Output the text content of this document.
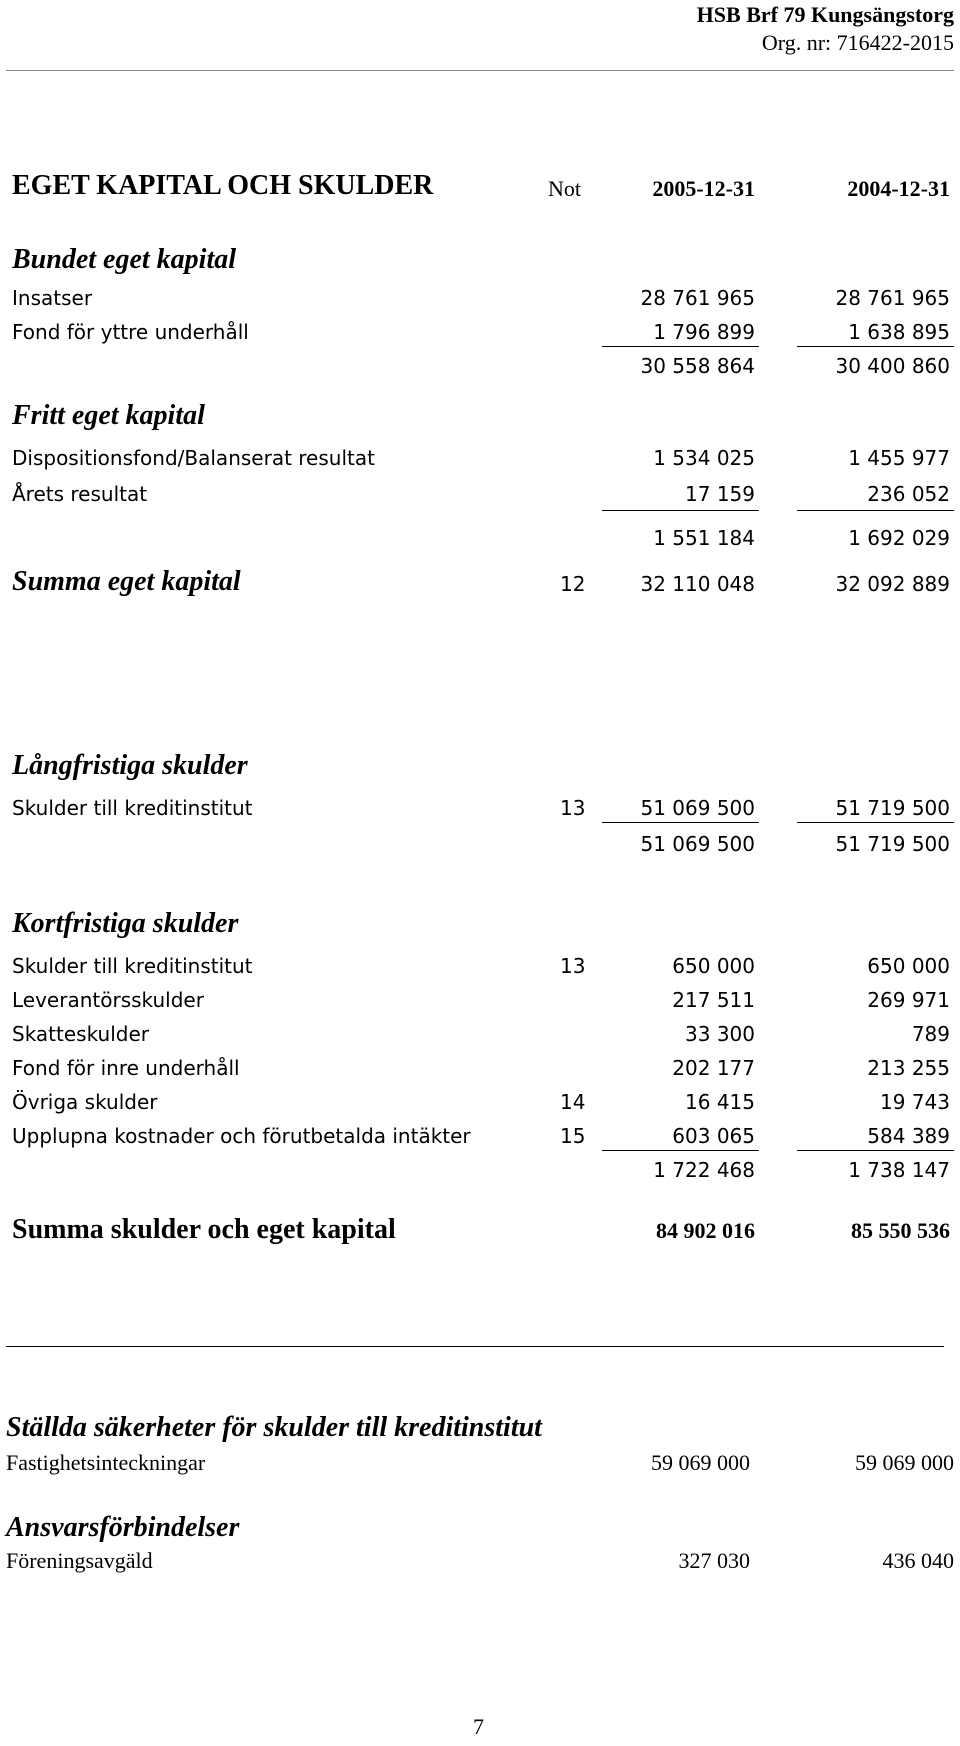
HSB Brf 79 Kungsängstorg
Org. nr: 716422-2015
EGET KAPITAL OCH SKULDER	Not	2005-12-31	2004-12-31
Bundet eget kapital
Insatser	28 761 965	28 761 965
Fond för yttre underhåll	1 796 899	1 638 895
30 558 864	30 400 860
Fritt eget kapital
Dispositionsfond/Balanserat resultat	1 534 025	1 455 977
Årets resultat	17 159	236 052
1 551 184	1 692 029
Summa eget kapital	12	32 110 048	32 092 889
Långfristiga skulder
Skulder till kreditinstitut	13	51 069 500	51 719 500
51 069 500	51 719 500
Kortfristiga skulder
Skulder till kreditinstitut	13	650 000	650 000
Leverantörsskulder	217 511	269 971
Skatteskulder	33 300	789
Fond för inre underhåll	202 177	213 255
Övriga skulder	14	16 415	19 743
Upplupna kostnader och förutbetalda intäkter	15	603 065	584 389
1 722 468	1 738 147
Summa skulder och eget kapital	84 902 016	85 550 536
Ställda säkerheter för skulder till kreditinstitut
Fastighetsinteckningar	59 069 000	59 069 000
Ansvarsförbindelser
Föreningsavgäld	327 030	436 040
7
